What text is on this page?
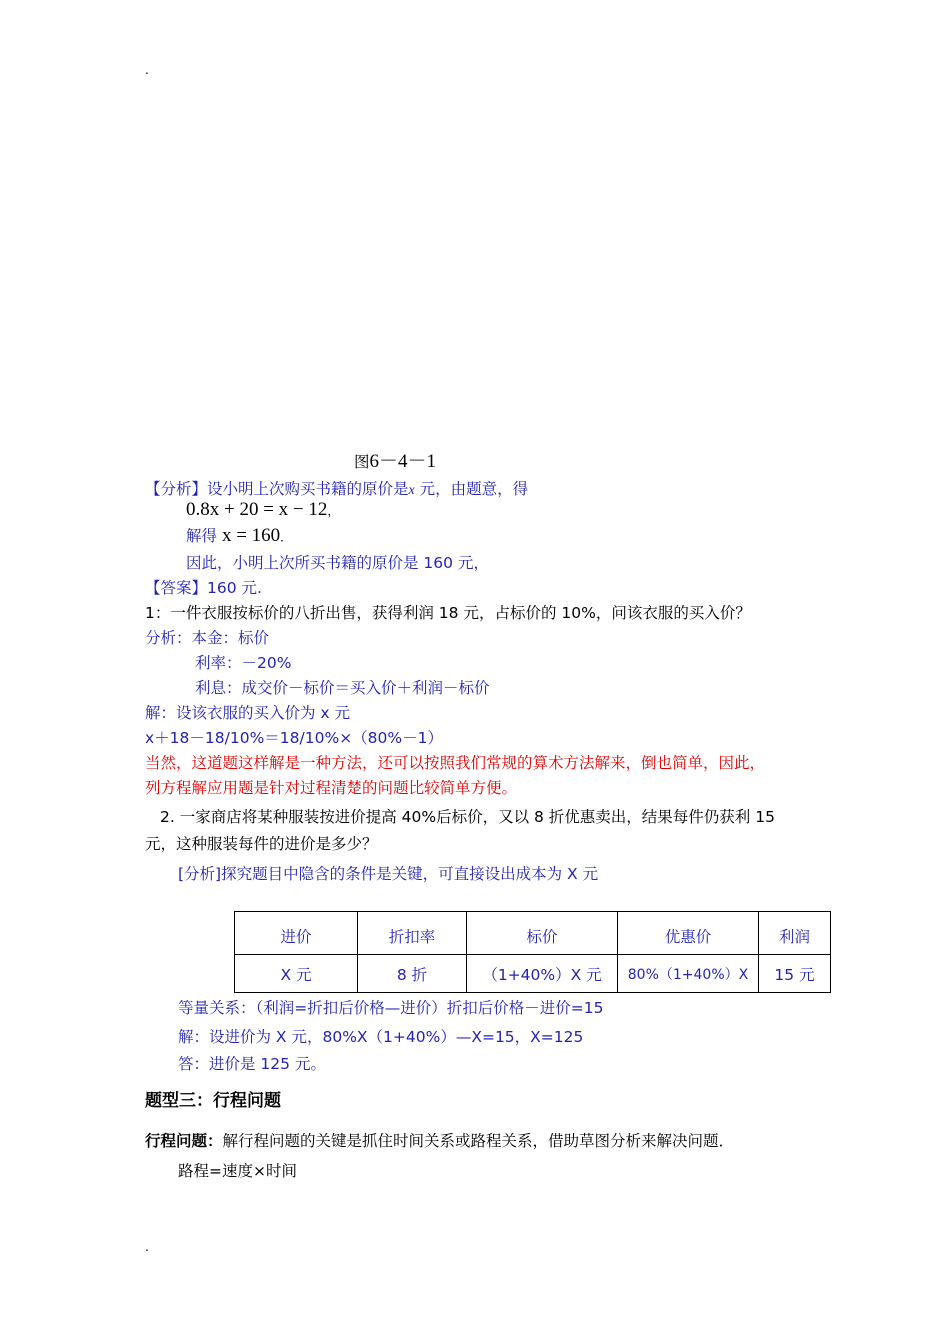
.
图6－4－1
【分析】设小明上次购买书籍的原价是x 元，由题意，得
0.8x + 20 = x − 12，
解得 x = 160．
因此，小明上次所买书籍的原价是 160 元，
【答案】160 元.
1：一件衣服按标价的八折出售，获得利润 18 元，占标价的 10%，问该衣服的买入价？
分析：本金：标价
利率：－20%
利息：成交价－标价＝买入价＋利润－标价
解：设该衣服的买入价为 x 元
x＋18－18/10%＝18/10%×（80%－1）
当然，这道题这样解是一种方法，还可以按照我们常规的算术方法解来，倒也简单，因此，
列方程解应用题是针对过程清楚的问题比较简单方便。
2. 一家商店将某种服装按进价提高 40%后标价，又以 8 折优惠卖出，结果每件仍获利 15
元，这种服装每件的进价是多少？
[分析]探究题目中隐含的条件是关键，可直接设出成本为 X 元
进价	折扣率	标价	优惠价	利润
X 元	8 折	（1+40%）X 元	80%（1+40%）X	15 元
等量关系：（利润=折扣后价格—进价）折扣后价格－进价=15
解：设进价为 X 元，80%X（1+40%）—X=15，X=125
答：进价是 125 元。
题型三：行程问题
行程问题：解行程问题的关键是抓住时间关系或路程关系，借助草图分析来解决问题．
路程=速度×时间
.
